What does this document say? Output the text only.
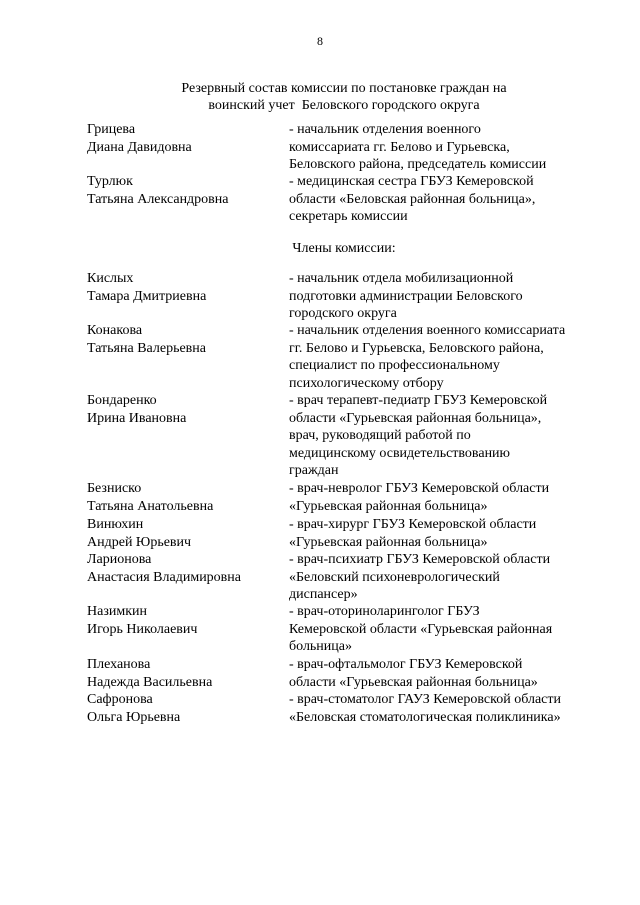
8
Резервный состав комиссии по постановке граждан на
воинский учет  Беловского городского округа
Члены комиссии:
Грицева
Диана Давидовна
- начальник отделения военного
комиссариата гг. Белово и Гурьевска,
Беловского района, председатель комиссии
Турлюк
Татьяна Александровна
- медицинская сестра ГБУЗ Кемеровской
области «Беловская районная больница»,
секретарь комиссии
Кислых
Тамара Дмитриевна
- начальник отдела мобилизационной
подготовки администрации Беловского
городского округа
Конакова
Татьяна Валерьевна
- начальник отделения военного комиссариата
гг. Белово и Гурьевска, Беловского района,
специалист по профессиональному
психологическому отбору
Бондаренко
Ирина Ивановна
- врач терапевт-педиатр ГБУЗ Кемеровской
области «Гурьевская районная больница»,
врач, руководящий работой по
медицинскому освидетельствованию
граждан
Безниско
Татьяна Анатольевна
- врач-невролог ГБУЗ Кемеровской области
«Гурьевская районная больница»
Винюхин
Андрей Юрьевич
- врач-хирург ГБУЗ Кемеровской области
«Гурьевская районная больница»
Ларионова
Анастасия Владимировна
- врач-психиатр ГБУЗ Кемеровской области
«Беловский психоневрологический
диспансер»
Назимкин
Игорь Николаевич
- врач-оториноларинголог ГБУЗ
Кемеровской области «Гурьевская районная
больница»
Плеханова
Надежда Васильевна
- врач-офтальмолог ГБУЗ Кемеровской
области «Гурьевская районная больница»
Сафронова
Ольга Юрьевна
- врач-стоматолог ГАУЗ Кемеровской области
«Беловская стоматологическая поликлиника»
